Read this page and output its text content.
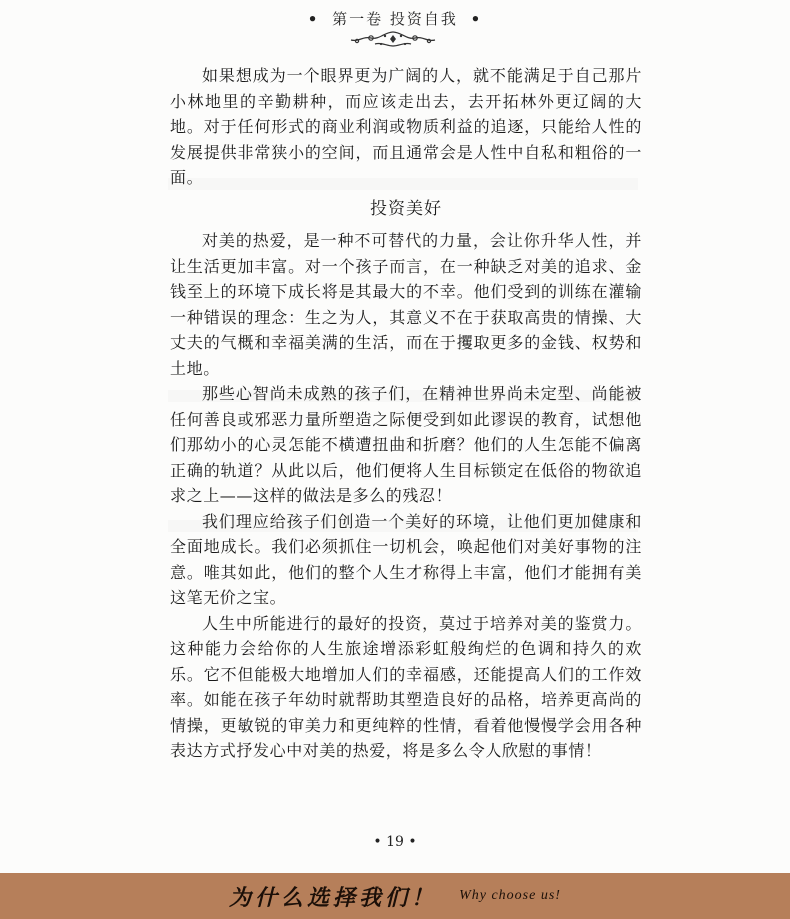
• 第一卷 投资自我 •

如果想成为一个眼界更为广阔的人，就不能满足于自己那片小林地里的辛勤耕种，而应该走出去，去开拓林外更辽阔的大地。对于任何形式的商业利润或物质利益的追逐，只能给人性的发展提供非常狭小的空间，而且通常会是人性中自私和粗俗的一面。

投资美好

对美的热爱，是一种不可替代的力量，会让你升华人性，并让生活更加丰富。对一个孩子而言，在一种缺乏对美的追求、金钱至上的环境下成长将是其最大的不幸。他们受到的训练在灌输一种错误的理念：生之为人，其意义不在于获取高贵的情操、大丈夫的气概和幸福美满的生活，而在于攫取更多的金钱、权势和土地。

那些心智尚未成熟的孩子们，在精神世界尚未定型、尚能被任何善良或邪恶力量所塑造之际便受到如此谬误的教育，试想他们那幼小的心灵怎能不横遭扭曲和折磨？他们的人生怎能不偏离正确的轨道？从此以后，他们便将人生目标锁定在低俗的物欲追求之上——这样的做法是多么的残忍！

我们理应给孩子们创造一个美好的环境，让他们更加健康和全面地成长。我们必须抓住一切机会，唤起他们对美好事物的注意。唯其如此，他们的整个人生才称得上丰富，他们才能拥有美这笔无价之宝。

人生中所能进行的最好的投资，莫过于培养对美的鉴赏力。这种能力会给你的人生旅途增添彩虹般绚烂的色调和持久的欢乐。它不但能极大地增加人们的幸福感，还能提高人们的工作效率。如能在孩子年幼时就帮助其塑造良好的品格，培养更高尚的情操，更敏锐的审美力和更纯粹的性情，看着他慢慢学会用各种表达方式抒发心中对美的热爱，将是多么令人欣慰的事情！

• 19 •
为什么选择我们！ Why choose us!
